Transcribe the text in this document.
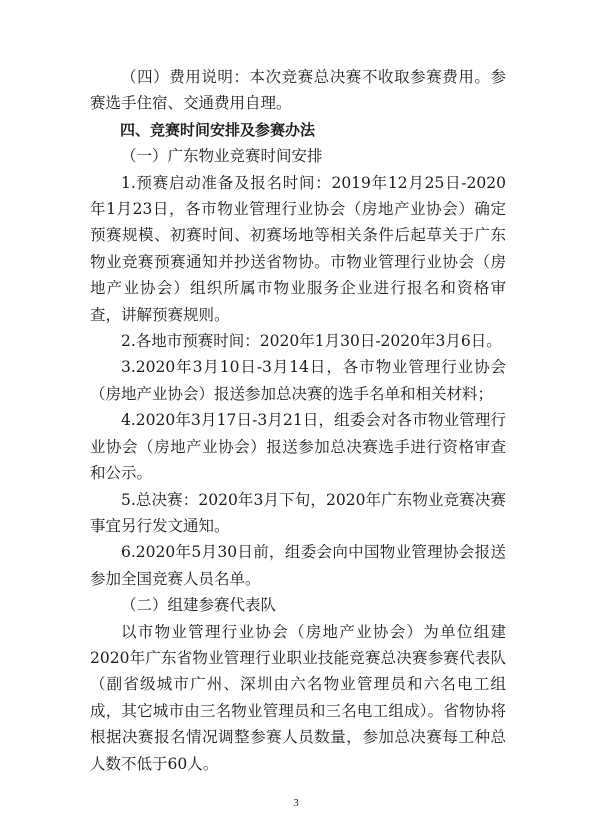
（四）费用说明：本次竞赛总决赛不收取参赛费用。参赛选手住宿、交通费用自理。

四、竞赛时间安排及参赛办法

（一）广东物业竞赛时间安排

1.预赛启动准备及报名时间：2019年12月25日-2020年1月23日，各市物业管理行业协会（房地产业协会）确定预赛规模、初赛时间、初赛场地等相关条件后起草关于广东物业竞赛预赛通知并抄送省物协。市物业管理行业协会（房地产业协会）组织所属市物业服务企业进行报名和资格审查，讲解预赛规则。

2.各地市预赛时间：2020年1月30日-2020年3月6日。

3.2020年3月10日-3月14日，各市物业管理行业协会（房地产业协会）报送参加总决赛的选手名单和相关材料；

4.2020年3月17日-3月21日，组委会对各市物业管理行业协会（房地产业协会）报送参加总决赛选手进行资格审查和公示。

5.总决赛：2020年3月下旬，2020年广东物业竞赛决赛事宜另行发文通知。

6.2020年5月30日前，组委会向中国物业管理协会报送参加全国竞赛人员名单。

（二）组建参赛代表队

以市物业管理行业协会（房地产业协会）为单位组建2020年广东省物业管理行业职业技能竞赛总决赛参赛代表队（副省级城市广州、深圳由六名物业管理员和六名电工组成，其它城市由三名物业管理员和三名电工组成）。省物协将根据决赛报名情况调整参赛人员数量，参加总决赛每工种总人数不低于60人。

3
